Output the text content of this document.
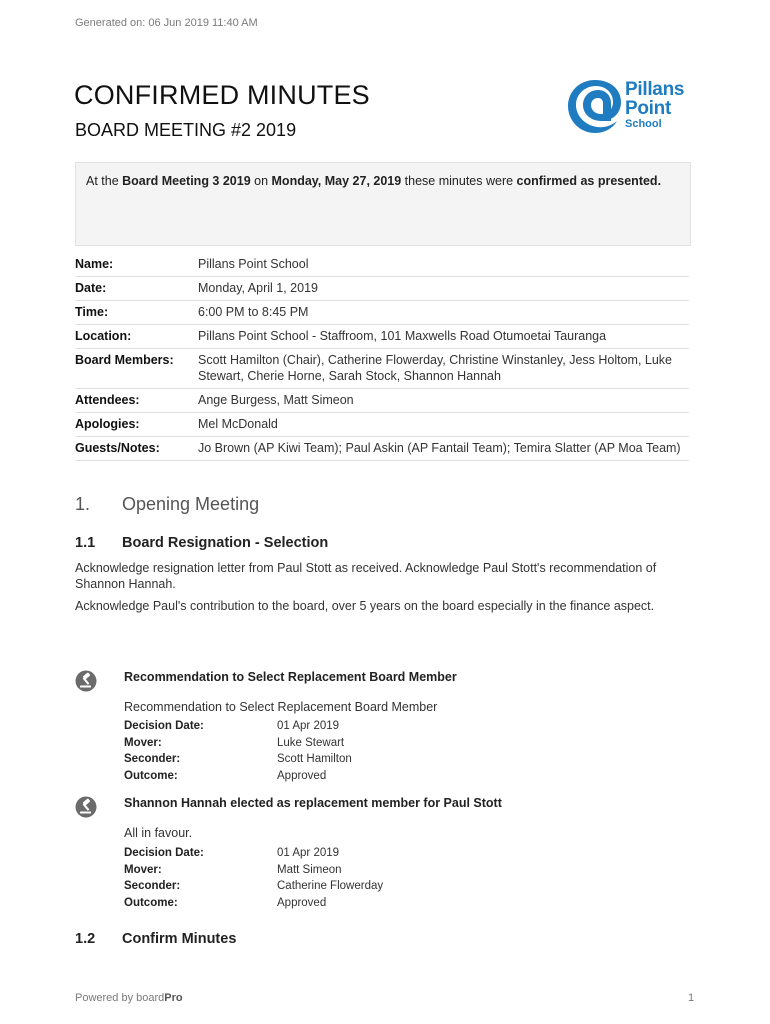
Generated on: 06 Jun 2019 11:40 AM
CONFIRMED MINUTES
BOARD MEETING #2 2019
Pillans
Point
School
At the Board Meeting 3 2019 on Monday, May 27, 2019 these minutes were confirmed as presented.
Name:	Pillans Point School
Date:	Monday, April 1, 2019
Time:	6:00 PM to 8:45 PM
Location:	Pillans Point School - Staffroom, 101 Maxwells Road Otumoetai Tauranga
Board Members:	Scott Hamilton (Chair), Catherine Flowerday, Christine Winstanley, Jess Holtom, Luke Stewart, Cherie Horne, Sarah Stock, Shannon Hannah
Attendees:	Ange Burgess, Matt Simeon
Apologies:	Mel McDonald
Guests/Notes:	Jo Brown (AP Kiwi Team); Paul Askin (AP Fantail Team); Temira Slatter (AP Moa Team)
1. Opening Meeting
1.1 Board Resignation - Selection
Acknowledge resignation letter from Paul Stott as received. Acknowledge Paul Stott's recommendation of Shannon Hannah.
Acknowledge Paul's contribution to the board, over 5 years on the board especially in the finance aspect.
Recommendation to Select Replacement Board Member
Recommendation to Select Replacement Board Member
Decision Date:	01 Apr 2019
Mover:	Luke Stewart
Seconder:	Scott Hamilton
Outcome:	Approved
Shannon Hannah elected as replacement member for Paul Stott
All in favour.
Decision Date:	01 Apr 2019
Mover:	Matt Simeon
Seconder:	Catherine Flowerday
Outcome:	Approved
1.2 Confirm Minutes
Powered by boardPro	1
